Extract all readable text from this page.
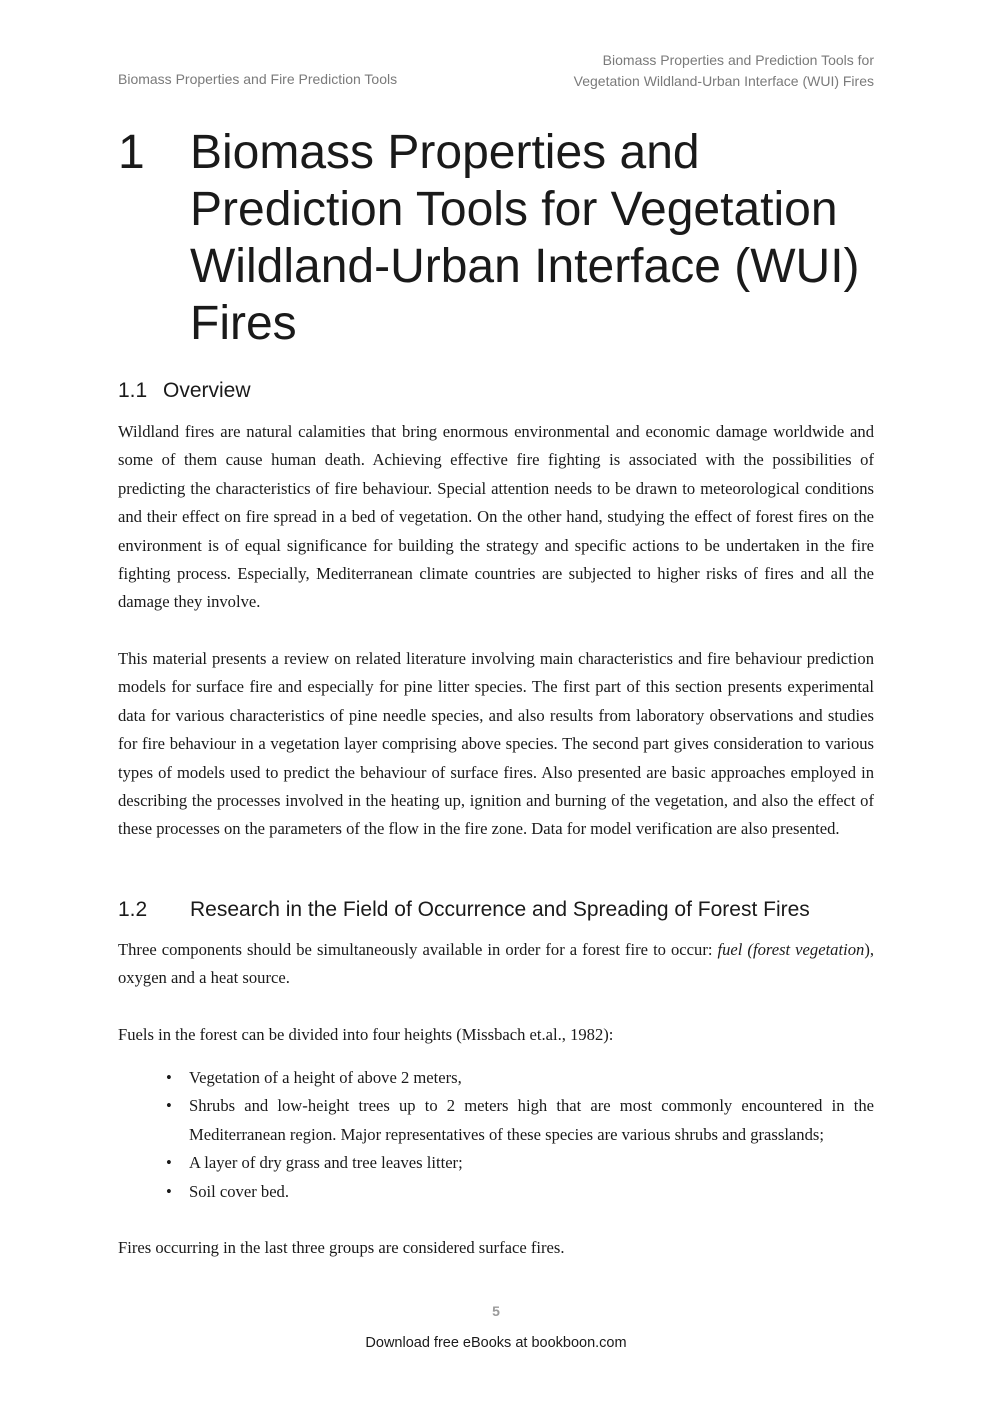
Biomass Properties and Fire Prediction Tools
Biomass Properties and Prediction Tools for
Vegetation Wildland-Urban Interface (WUI) Fires
1 Biomass Properties and Prediction Tools for Vegetation Wildland-Urban Interface (WUI) Fires
1.1 Overview

Wildland fires are natural calamities that bring enormous environmental and economic damage worldwide and some of them cause human death. Achieving effective fire fighting is associated with the possibilities of predicting the characteristics of fire behaviour. Special attention needs to be drawn to meteorological conditions and their effect on fire spread in a bed of vegetation. On the other hand, studying the effect of forest fires on the environment is of equal significance for building the strategy and specific actions to be undertaken in the fire fighting process. Especially, Mediterranean climate countries are subjected to higher risks of fires and all the damage they involve.

This material presents a review on related literature involving main characteristics and fire behaviour prediction models for surface fire and especially for pine litter species. The first part of this section presents experimental data for various characteristics of pine needle species, and also results from laboratory observations and studies for fire behaviour in a vegetation layer comprising above species. The second part gives consideration to various types of models used to predict the behaviour of surface fires. Also presented are basic approaches employed in describing the processes involved in the heating up, ignition and burning of the vegetation, and also the effect of these processes on the parameters of the flow in the fire zone. Data for model verification are also presented.

1.2 Research in the Field of Occurrence and Spreading of Forest Fires

Three components should be simultaneously available in order for a forest fire to occur: fuel (forest vegetation), oxygen and a heat source.

Fuels in the forest can be divided into four heights (Missbach et.al., 1982):

• Vegetation of a height of above 2 meters,
• Shrubs and low-height trees up to 2 meters high that are most commonly encountered in the Mediterranean region. Major representatives of these species are various shrubs and grasslands;
• A layer of dry grass and tree leaves litter;
• Soil cover bed.

Fires occurring in the last three groups are considered surface fires.

5
Download free eBooks at bookboon.com
